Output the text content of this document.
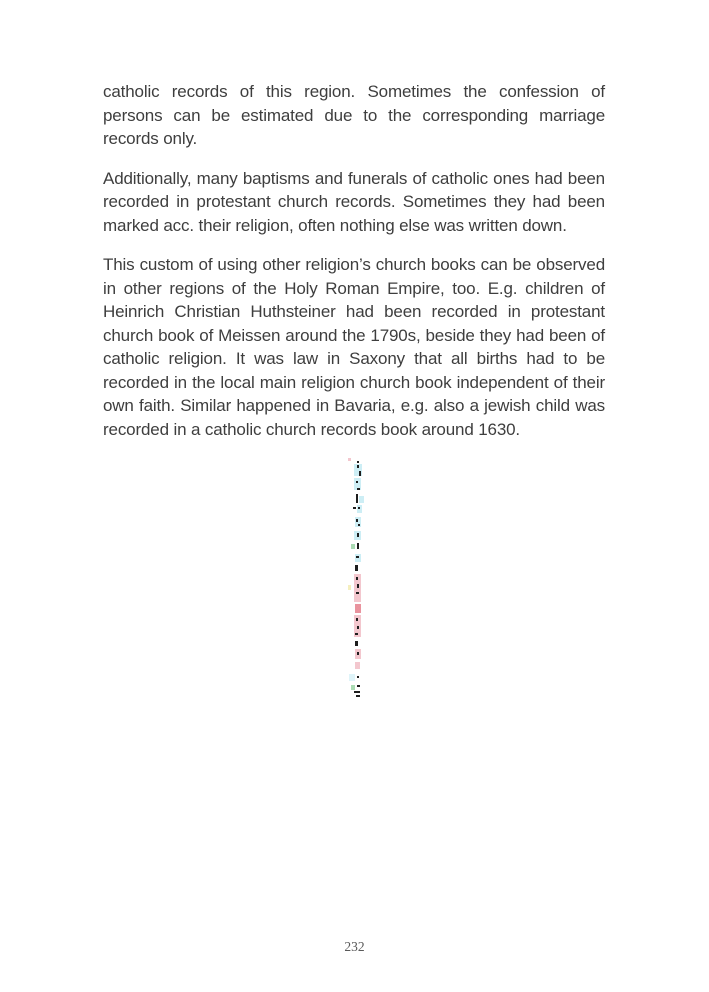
catholic records of this region. Sometimes the confession of persons can be estimated due to the corresponding marriage records only.

Additionally, many baptisms and funerals of catholic ones had been recorded in protestant church records. Sometimes they had been marked acc. their religion, often nothing else was written down.

This custom of using other religion’s church books can be observed in other regions of the Holy Roman Empire, too. E.g. children of Heinrich Christian Huthsteiner had been recorded in protestant church book of Meissen around the 1790s, beside they had been of catholic religion. It was law in Saxony that all births had to be recorded in the local main religion church book independent of their own faith. Similar happened in Bavaria, e.g. also a jewish child was recorded in a catholic church records book around 1630.

232
